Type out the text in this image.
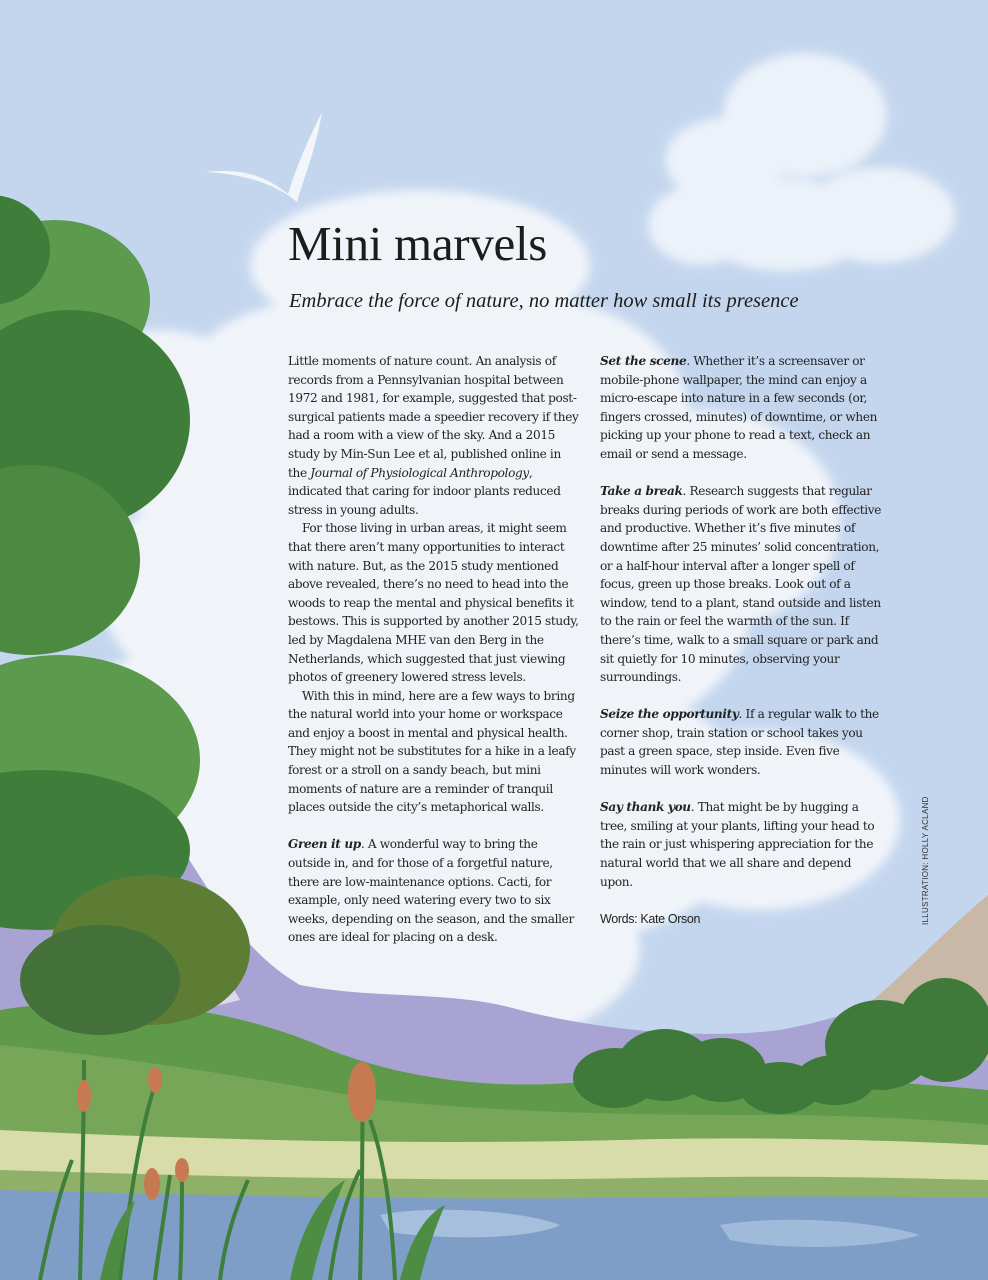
Mini marvels

Embrace the force of nature, no matter how small its presence

Little moments of nature count. An analysis of records from a Pennsylvanian hospital between 1972 and 1981, for example, suggested that post-surgical patients made a speedier recovery if they had a room with a view of the sky. And a 2015 study by Min-Sun Lee et al, published online in the Journal of Physiological Anthropology, indicated that caring for indoor plants reduced stress in young adults.

For those living in urban areas, it might seem that there aren’t many opportunities to interact with nature. But, as the 2015 study mentioned above revealed, there’s no need to head into the woods to reap the mental and physical benefits it bestows. This is supported by another 2015 study, led by Magdalena MHE van den Berg in the Netherlands, which suggested that just viewing photos of greenery lowered stress levels.

With this in mind, here are a few ways to bring the natural world into your home or workspace and enjoy a boost in mental and physical health. They might not be substitutes for a hike in a leafy forest or a stroll on a sandy beach, but mini moments of nature are a reminder of tranquil places outside the city’s metaphorical walls.

Green it up. A wonderful way to bring the outside in, and for those of a forgetful nature, there are low-maintenance options. Cacti, for example, only need watering every two to six weeks, depending on the season, and the smaller ones are ideal for placing on a desk.

Set the scene. Whether it’s a screensaver or mobile-phone wallpaper, the mind can enjoy a micro-escape into nature in a few seconds (or, fingers crossed, minutes) of downtime, or when picking up your phone to read a text, check an email or send a message.

Take a break. Research suggests that regular breaks during periods of work are both effective and productive. Whether it’s five minutes of downtime after 25 minutes’ solid concentration, or a half-hour interval after a longer spell of focus, green up those breaks. Look out of a window, tend to a plant, stand outside and listen to the rain or feel the warmth of the sun. If there’s time, walk to a small square or park and sit quietly for 10 minutes, observing your surroundings.

Seize the opportunity. If a regular walk to the corner shop, train station or school takes you past a green space, step inside. Even five minutes will work wonders.

Say thank you. That might be by hugging a tree, smiling at your plants, lifting your head to the rain or just whispering appreciation for the natural world that we all share and depend upon.

Words: Kate Orson	ILLUSTRATION: HOLLY ACLAND
